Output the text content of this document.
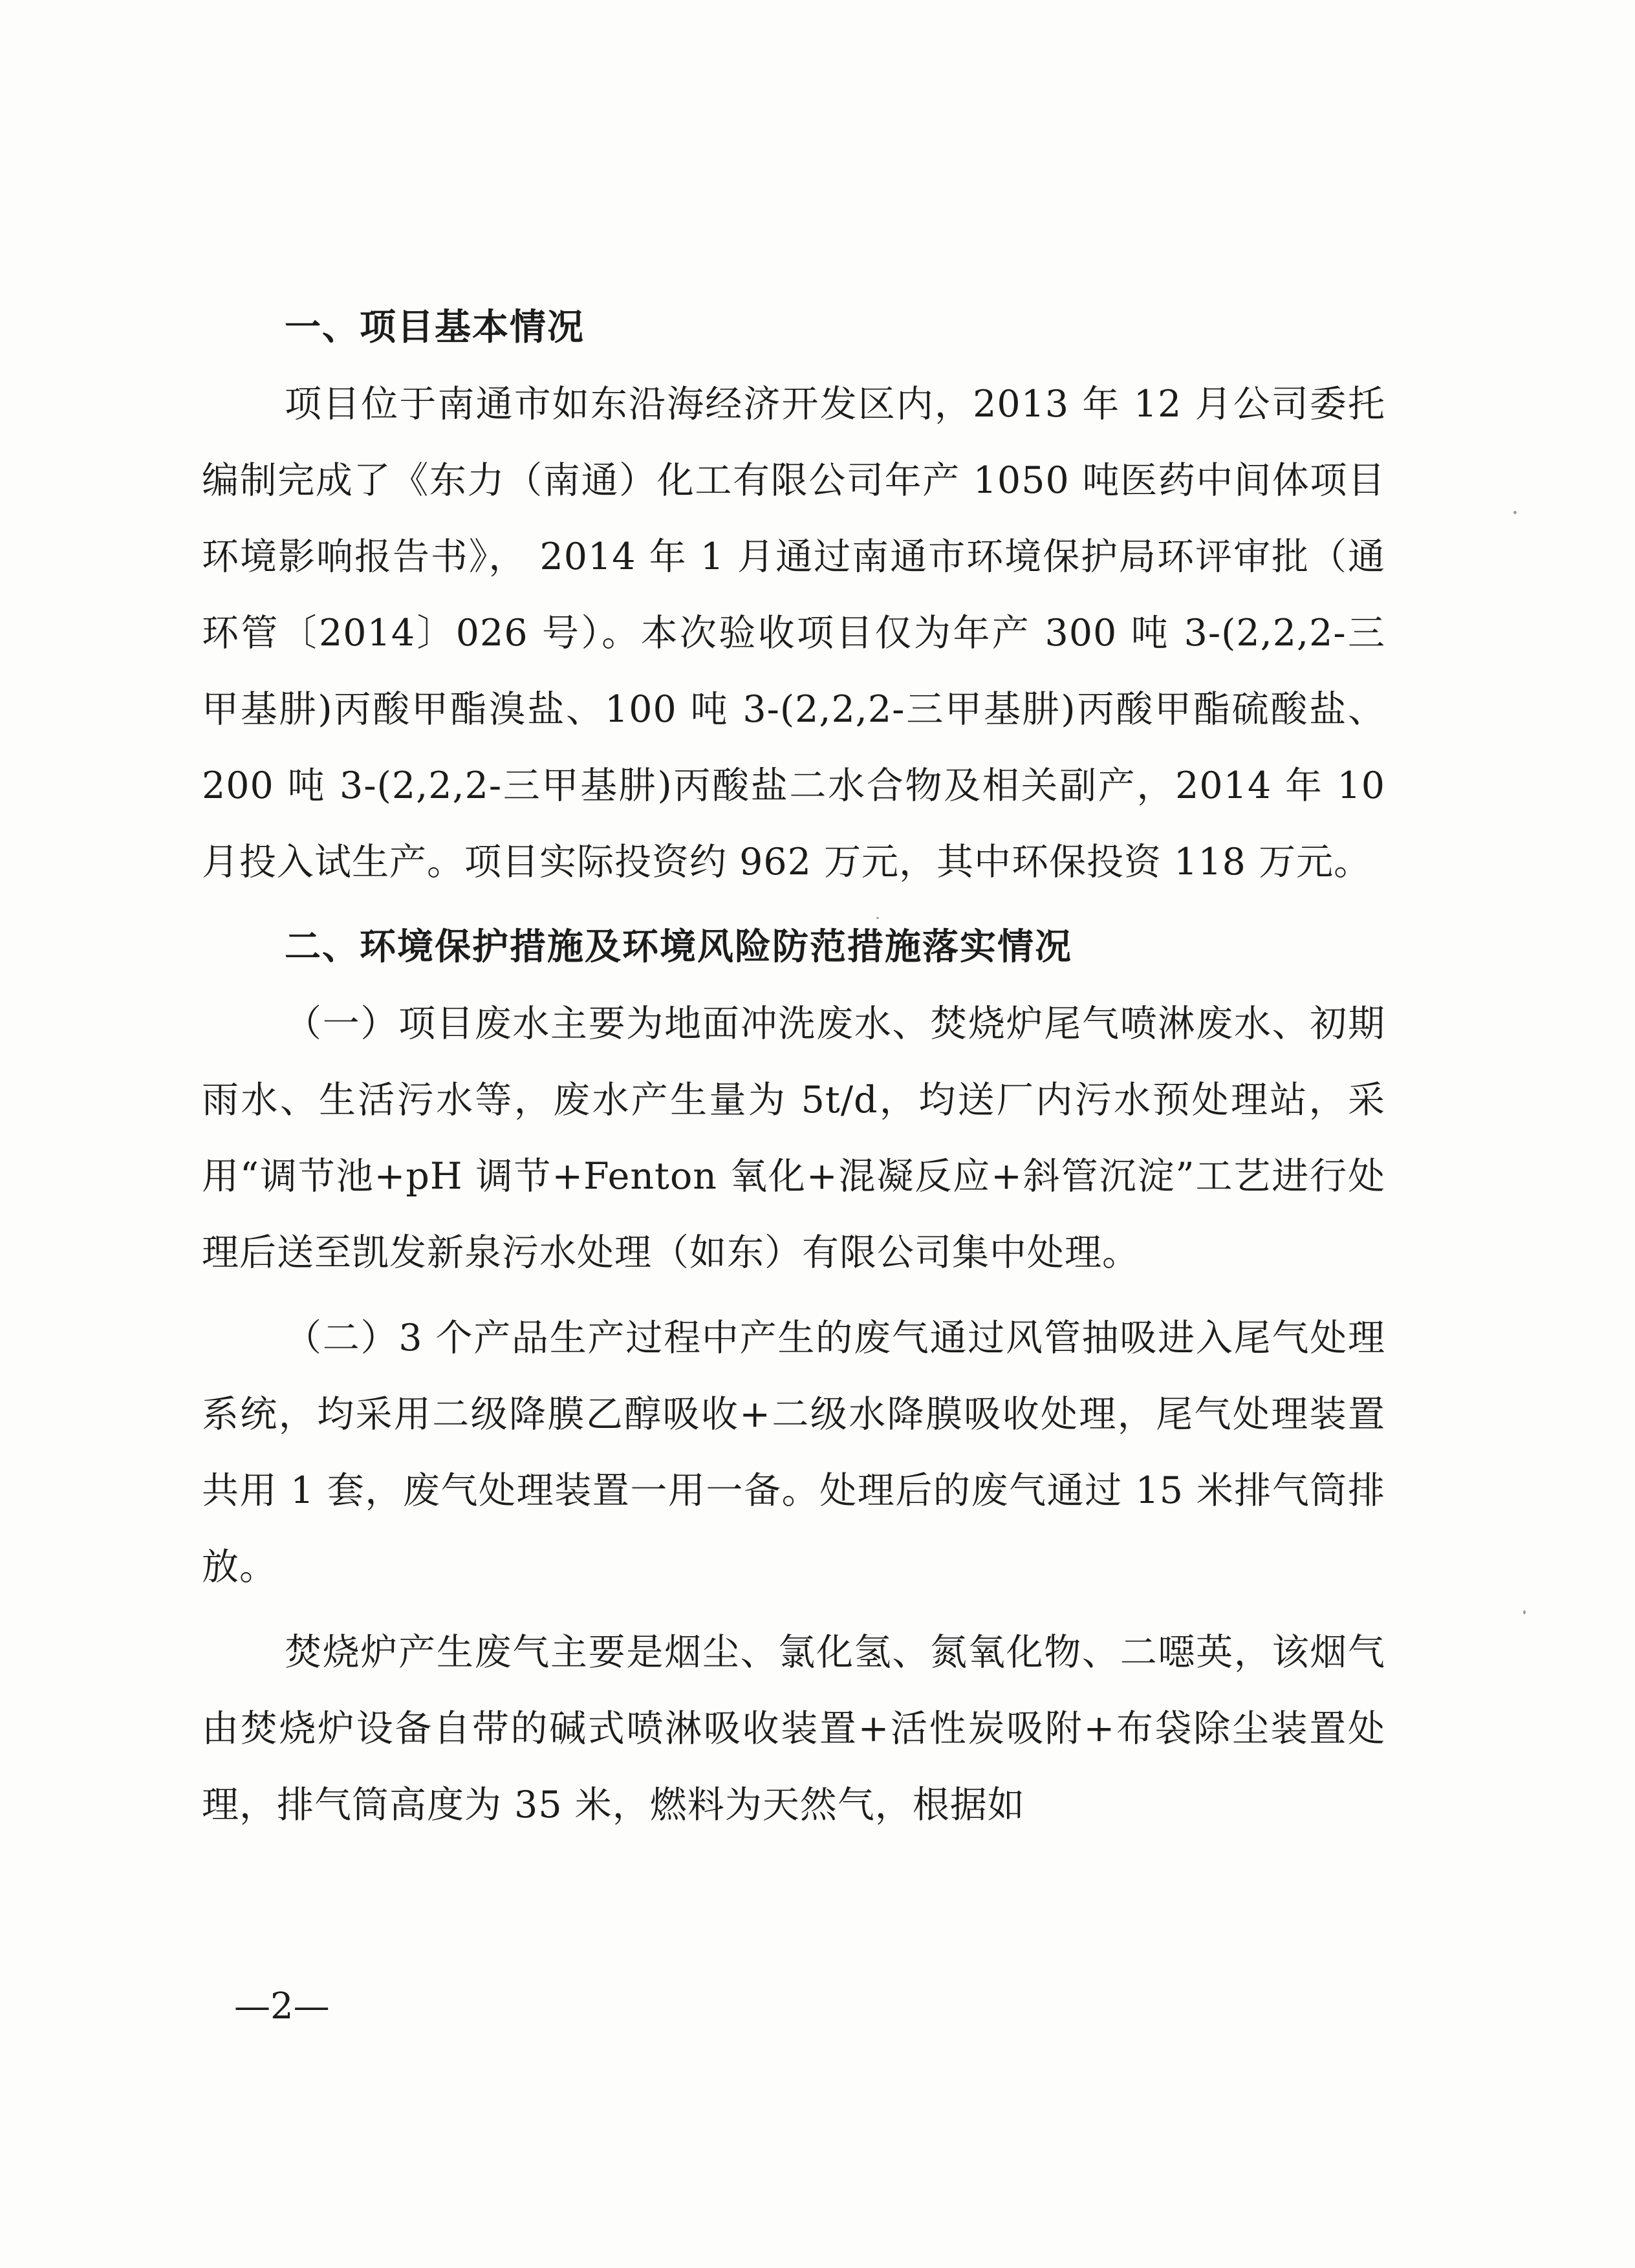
一、项目基本情况

项目位于南通市如东沿海经济开发区内，2013 年 12 月公司委托编制完成了《东力（南通）化工有限公司年产 1050 吨医药中间体项目环境影响报告书》， 2014 年 1 月通过南通市环境保护局环评审批（通环管〔2014〕026 号）。本次验收项目仅为年产 300 吨 3-(2,2,2-三甲基肼)丙酸甲酯溴盐、100 吨 3-(2,2,2-三甲基肼)丙酸甲酯硫酸盐、200 吨 3-(2,2,2-三甲基肼)丙酸盐二水合物及相关副产，2014 年 10 月投入试生产。项目实际投资约 962 万元，其中环保投资 118 万元。

二、环境保护措施及环境风险防范措施落实情况

（一）项目废水主要为地面冲洗废水、焚烧炉尾气喷淋废水、初期雨水、生活污水等，废水产生量为 5t/d，均送厂内污水预处理站，采用“调节池+pH 调节+Fenton 氧化+混凝反应+斜管沉淀”工艺进行处理后送至凯发新泉污水处理（如东）有限公司集中处理。

（二）3 个产品生产过程中产生的废气通过风管抽吸进入尾气处理系统，均采用二级降膜乙醇吸收+二级水降膜吸收处理，尾气处理装置共用 1 套，废气处理装置一用一备。处理后的废气通过 15 米排气筒排放。

焚烧炉产生废气主要是烟尘、氯化氢、氮氧化物、二噁英，该烟气由焚烧炉设备自带的碱式喷淋吸收装置+活性炭吸附+布袋除尘装置处理，排气筒高度为 35 米，燃料为天然气，根据如

—2—
